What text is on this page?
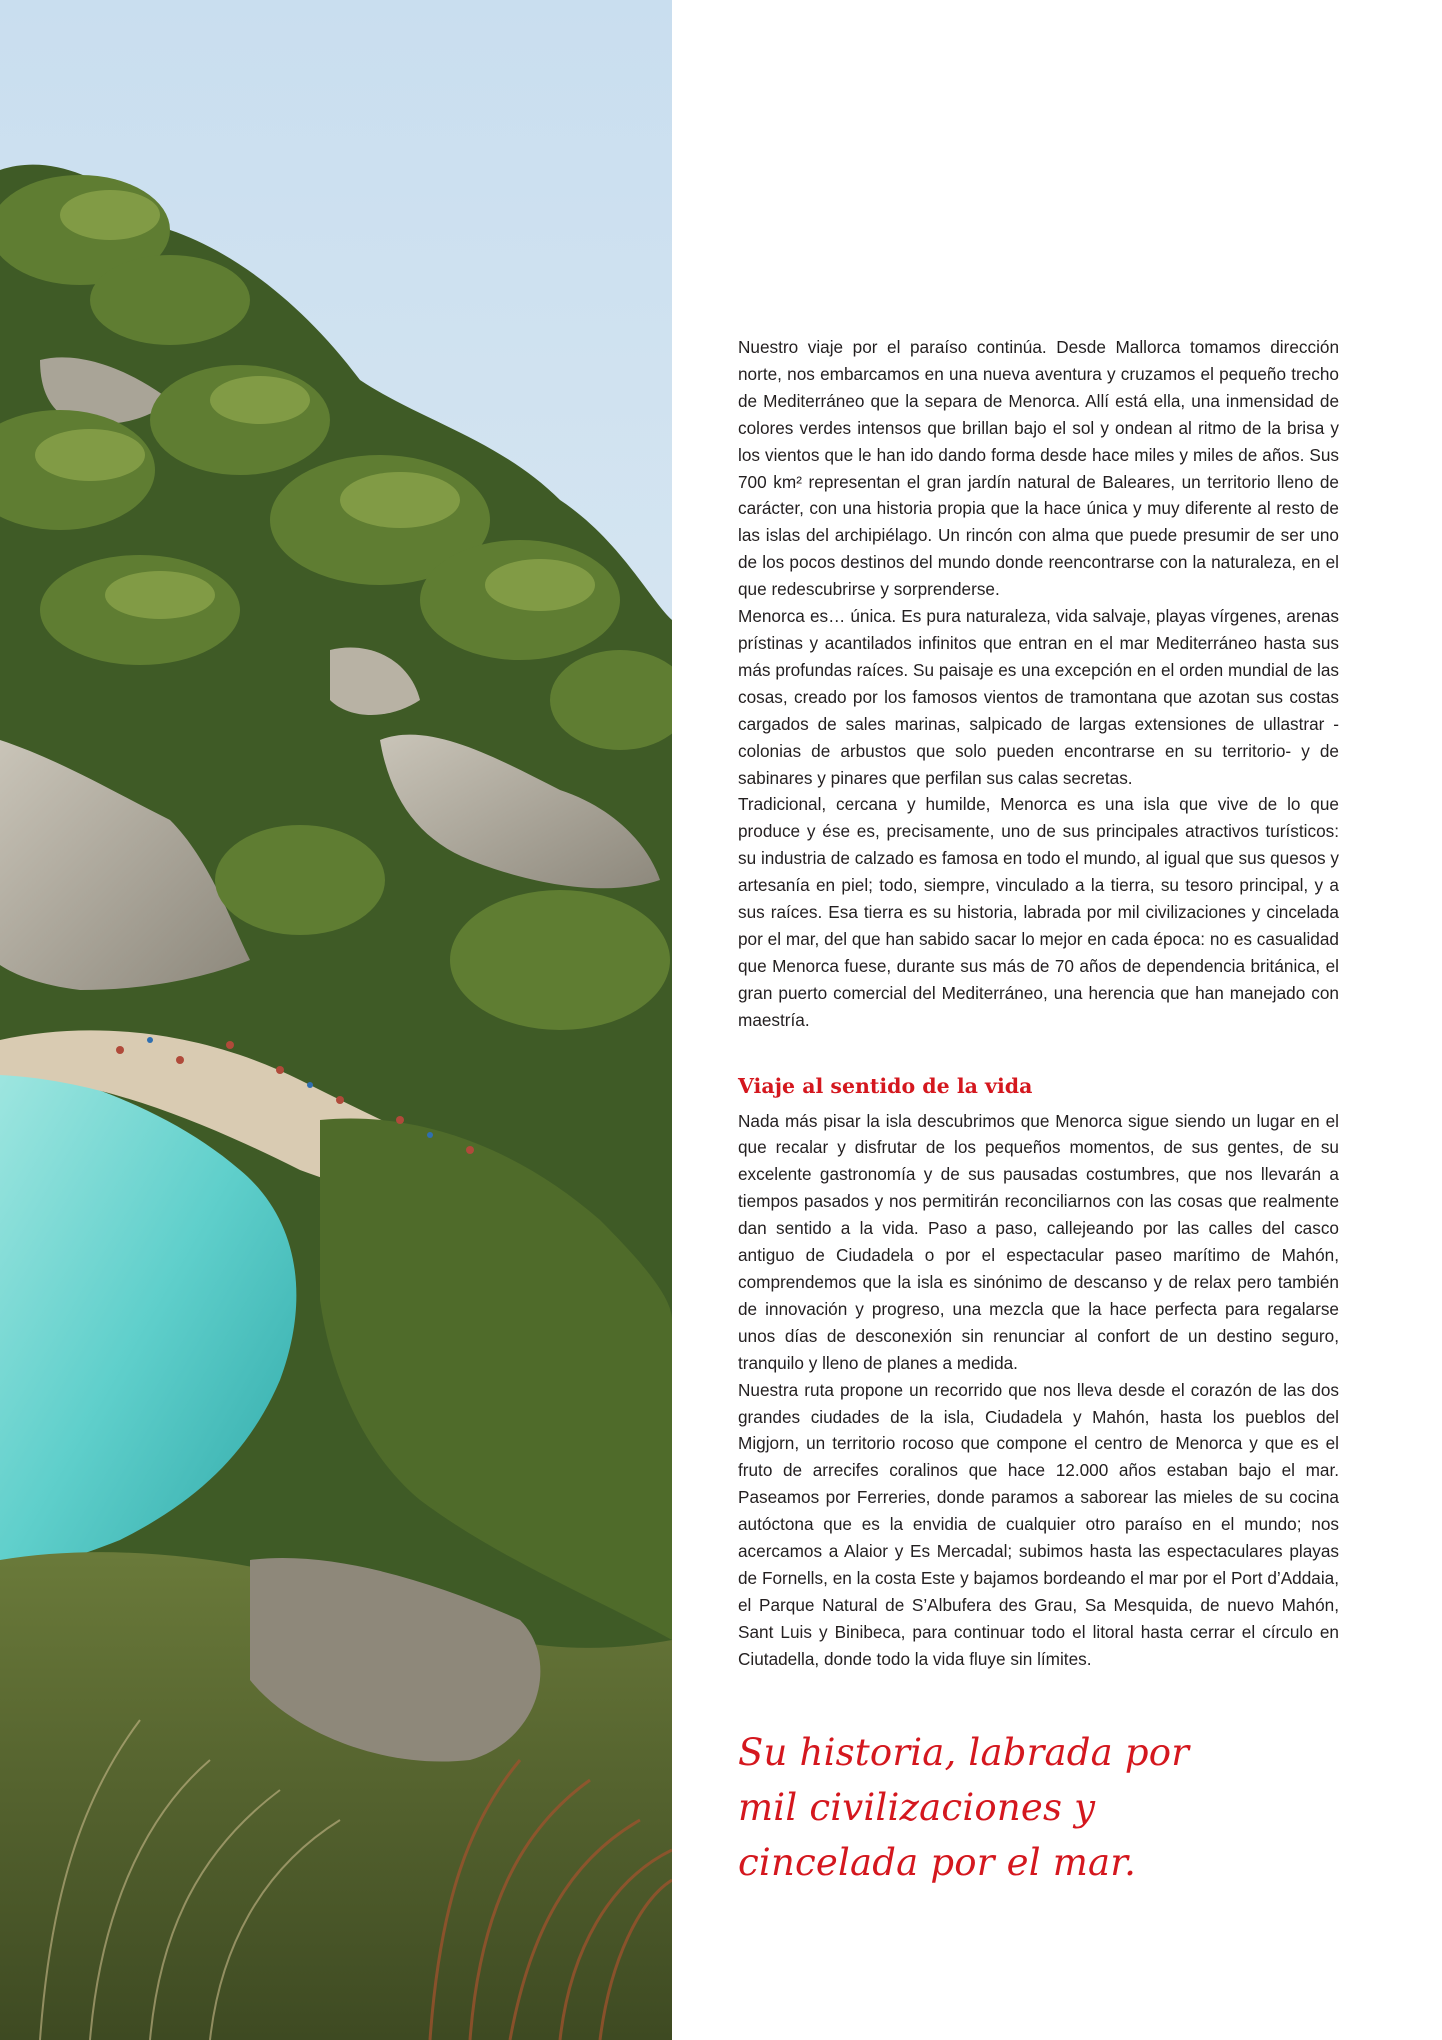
Nuestro viaje por el paraíso continúa. Desde Mallorca tomamos dirección norte, nos embarcamos en una nueva aventura y cruzamos el pequeño trecho de Mediterráneo que la separa de Menorca. Allí está ella, una inmensidad de colores verdes intensos que brillan bajo el sol y ondean al ritmo de la brisa y los vientos que le han ido dando forma desde hace miles y miles de años. Sus 700 km² representan el gran jardín natural de Baleares, un territorio lleno de carácter, con una historia propia que la hace única y muy diferente al resto de las islas del archipiélago. Un rincón con alma que puede presumir de ser uno de los pocos destinos del mundo donde reencontrarse con la naturaleza, en el que redescubrirse y sorprenderse.

Menorca es… única. Es pura naturaleza, vida salvaje, playas vírgenes, arenas prístinas y acantilados infinitos que entran en el mar Mediterráneo hasta sus más profundas raíces. Su paisaje es una excepción en el orden mundial de las cosas, creado por los famosos vientos de tramontana que azotan sus costas cargados de sales marinas, salpicado de largas extensiones de ullastrar -colonias de arbustos que solo pueden encontrarse en su territorio- y de sabinares y pinares que perfilan sus calas secretas.

Tradicional, cercana y humilde, Menorca es una isla que vive de lo que produce y ése es, precisamente, uno de sus principales atractivos turísticos: su industria de calzado es famosa en todo el mundo, al igual que sus quesos y artesanía en piel; todo, siempre, vinculado a la tierra, su tesoro principal, y a sus raíces. Esa tierra es su historia, labrada por mil civilizaciones y cincelada por el mar, del que han sabido sacar lo mejor en cada época: no es casualidad que Menorca fuese, durante sus más de 70 años de dependencia británica, el gran puerto comercial del Mediterráneo, una herencia que han manejado con maestría.

Viaje al sentido de la vida

Nada más pisar la isla descubrimos que Menorca sigue siendo un lugar en el que recalar y disfrutar de los pequeños momentos, de sus gentes, de su excelente gastronomía y de sus pausadas costumbres, que nos llevarán a tiempos pasados y nos permitirán reconciliarnos con las cosas que realmente dan sentido a la vida. Paso a paso, callejeando por las calles del casco antiguo de Ciudadela o por el espectacular paseo marítimo de Mahón, comprendemos que la isla es sinónimo de descanso y de relax pero también de innovación y progreso, una mezcla que la hace perfecta para regalarse unos días de desconexión sin renunciar al confort de un destino seguro, tranquilo y lleno de planes a medida.

Nuestra ruta propone un recorrido que nos lleva desde el corazón de las dos grandes ciudades de la isla, Ciudadela y Mahón, hasta los pueblos del Migjorn, un territorio rocoso que compone el centro de Menorca y que es el fruto de arrecifes coralinos que hace 12.000 años estaban bajo el mar. Paseamos por Ferreries, donde paramos a saborear las mieles de su cocina autóctona que es la envidia de cualquier otro paraíso en el mundo; nos acercamos a Alaior y Es Mercadal; subimos hasta las espectaculares playas de Fornells, en la costa Este y bajamos bordeando el mar por el Port d’Addaia, el Parque Natural de S’Albufera des Grau, Sa Mesquida, de nuevo Mahón, Sant Luis y Binibeca, para continuar todo el litoral hasta cerrar el círculo en Ciutadella, donde todo la vida fluye sin límites.

Su historia, labrada por
mil civilizaciones y
cincelada por el mar.
